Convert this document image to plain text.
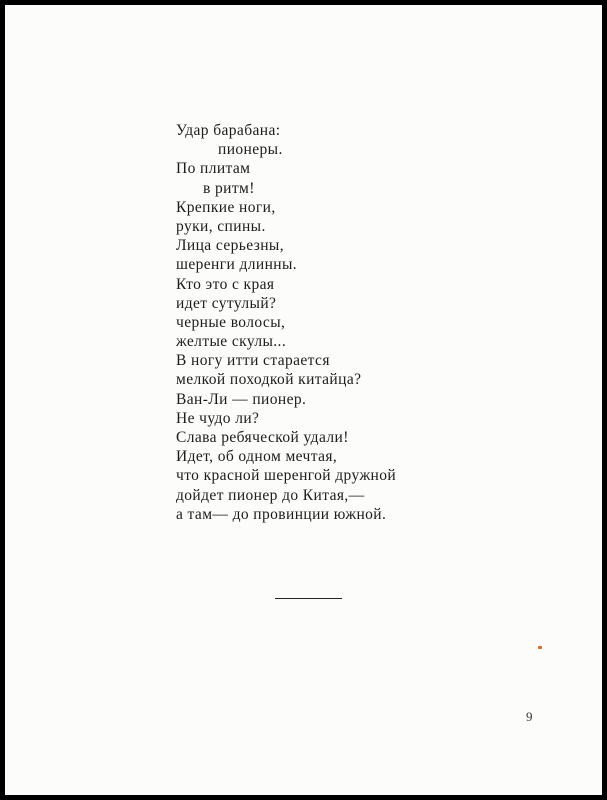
Удар барабана:
пионеры.
По плитам
в ритм!
Крепкие ноги,
руки, спины.
Лица серьезны,
шеренги длинны.
Кто это с края
идет сутулый?
черные волосы,
желтые скулы...
В ногу итти старается
мелкой походкой китайца?
Ван-Ли — пионер.
Не чудо ли?
Слава ребяческой удали!
Идет, об одном мечтая,
что красной шеренгой дружной
дойдет пионер до Китая,—
а там— до провинции южной.
9
